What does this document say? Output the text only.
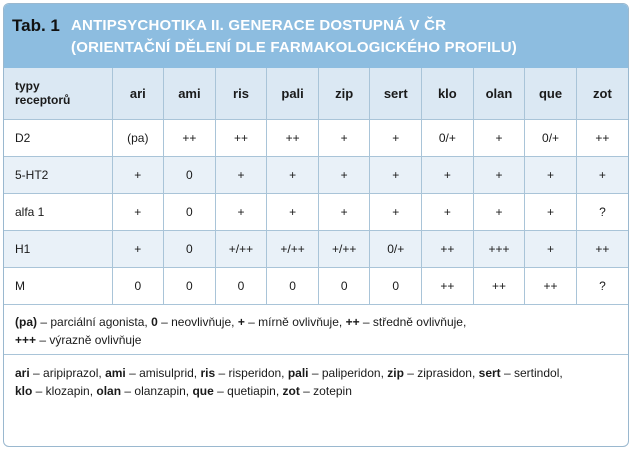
Tab. 1 ANTIPSYCHOTIKA II. GENERACE DOSTUPNÁ V ČR
(ORIENTAČNÍ DĚLENÍ DLE FARMAKOLOGICKÉHO PROFILU)
typy
receptorů	ari	ami	ris	pali	zip	sert	klo	olan	que	zot
D2	(pa)	++	++	++	+	+	0/+	+	0/+	++
5-HT2	+	0	+	+	+	+	+	+	+	+
alfa 1	+	0	+	+	+	+	+	+	+	?
H1	+	0	+/++	+/++	+/++	0/+	++	+++	+	++
M	0	0	0	0	0	0	++	++	++	?
(pa) – parciální agonista, 0 – neovlivňuje, + – mírně ovlivňuje, ++ – středně ovlivňuje,
+++ – výrazně ovlivňuje
ari – aripiprazol, ami – amisulprid, ris – risperidon, pali – paliperidon, zip – ziprasidon, sert – sertindol,
klo – klozapin, olan – olanzapin, que – quetiapin, zot – zotepin
